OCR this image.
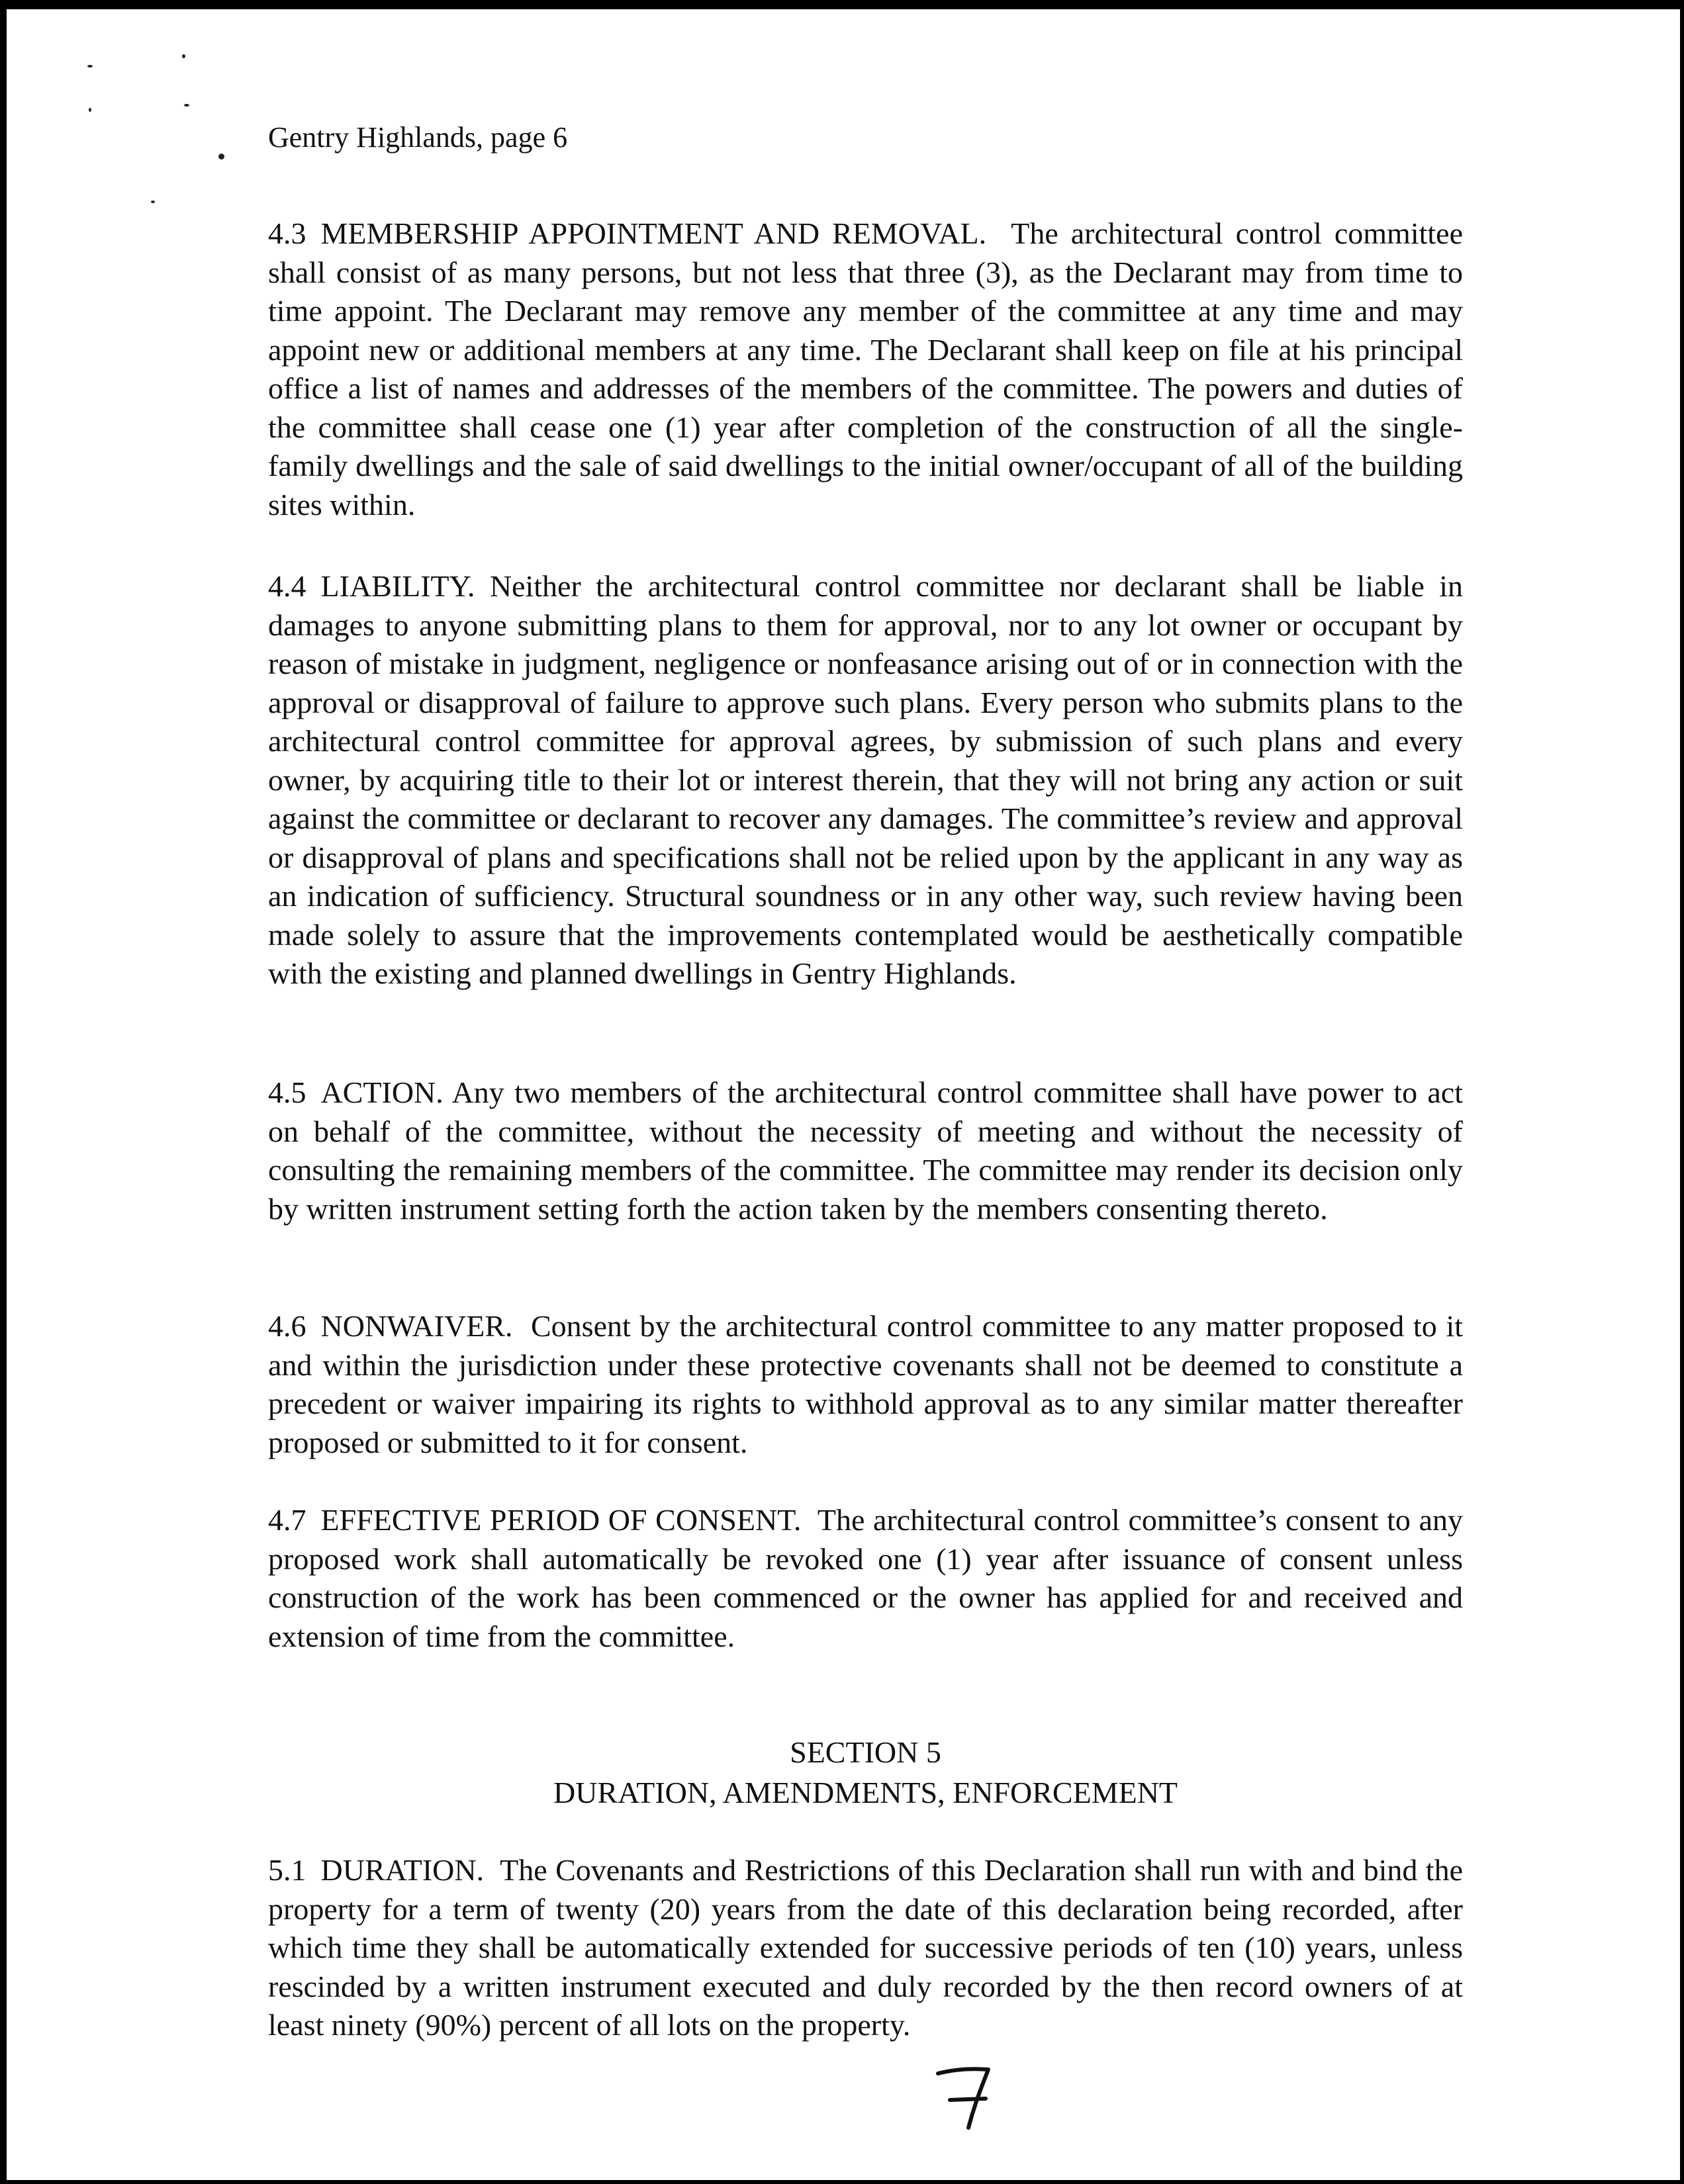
Gentry Highlands, page 6

4.3 MEMBERSHIP APPOINTMENT AND REMOVAL. The architectural control committee shall consist of as many persons, but not less that three (3), as the Declarant may from time to time appoint. The Declarant may remove any member of the committee at any time and may appoint new or additional members at any time. The Declarant shall keep on file at his principal office a list of names and addresses of the members of the committee. The powers and duties of the committee shall cease one (1) year after completion of the construction of all the single-family dwellings and the sale of said dwellings to the initial owner/occupant of all of the building sites within.

4.4 LIABILITY. Neither the architectural control committee nor declarant shall be liable in damages to anyone submitting plans to them for approval, nor to any lot owner or occupant by reason of mistake in judgment, negligence or nonfeasance arising out of or in connection with the approval or disapproval of failure to approve such plans. Every person who submits plans to the architectural control committee for approval agrees, by submission of such plans and every owner, by acquiring title to their lot or interest therein, that they will not bring any action or suit against the committee or declarant to recover any damages. The committee’s review and approval or disapproval of plans and specifications shall not be relied upon by the applicant in any way as an indication of sufficiency. Structural soundness or in any other way, such review having been made solely to assure that the improvements contemplated would be aesthetically compatible with the existing and planned dwellings in Gentry Highlands.

4.5 ACTION. Any two members of the architectural control committee shall have power to act on behalf of the committee, without the necessity of meeting and without the necessity of consulting the remaining members of the committee. The committee may render its decision only by written instrument setting forth the action taken by the members consenting thereto.

4.6 NONWAIVER. Consent by the architectural control committee to any matter proposed to it and within the jurisdiction under these protective covenants shall not be deemed to constitute a precedent or waiver impairing its rights to withhold approval as to any similar matter thereafter proposed or submitted to it for consent.

4.7 EFFECTIVE PERIOD OF CONSENT. The architectural control committee’s consent to any proposed work shall automatically be revoked one (1) year after issuance of consent unless construction of the work has been commenced or the owner has applied for and received and extension of time from the committee.

SECTION 5
DURATION, AMENDMENTS, ENFORCEMENT

5.1 DURATION. The Covenants and Restrictions of this Declaration shall run with and bind the property for a term of twenty (20) years from the date of this declaration being recorded, after which time they shall be automatically extended for successive periods of ten (10) years, unless rescinded by a written instrument executed and duly recorded by the then record owners of at least ninety (90%) percent of all lots on the property.
